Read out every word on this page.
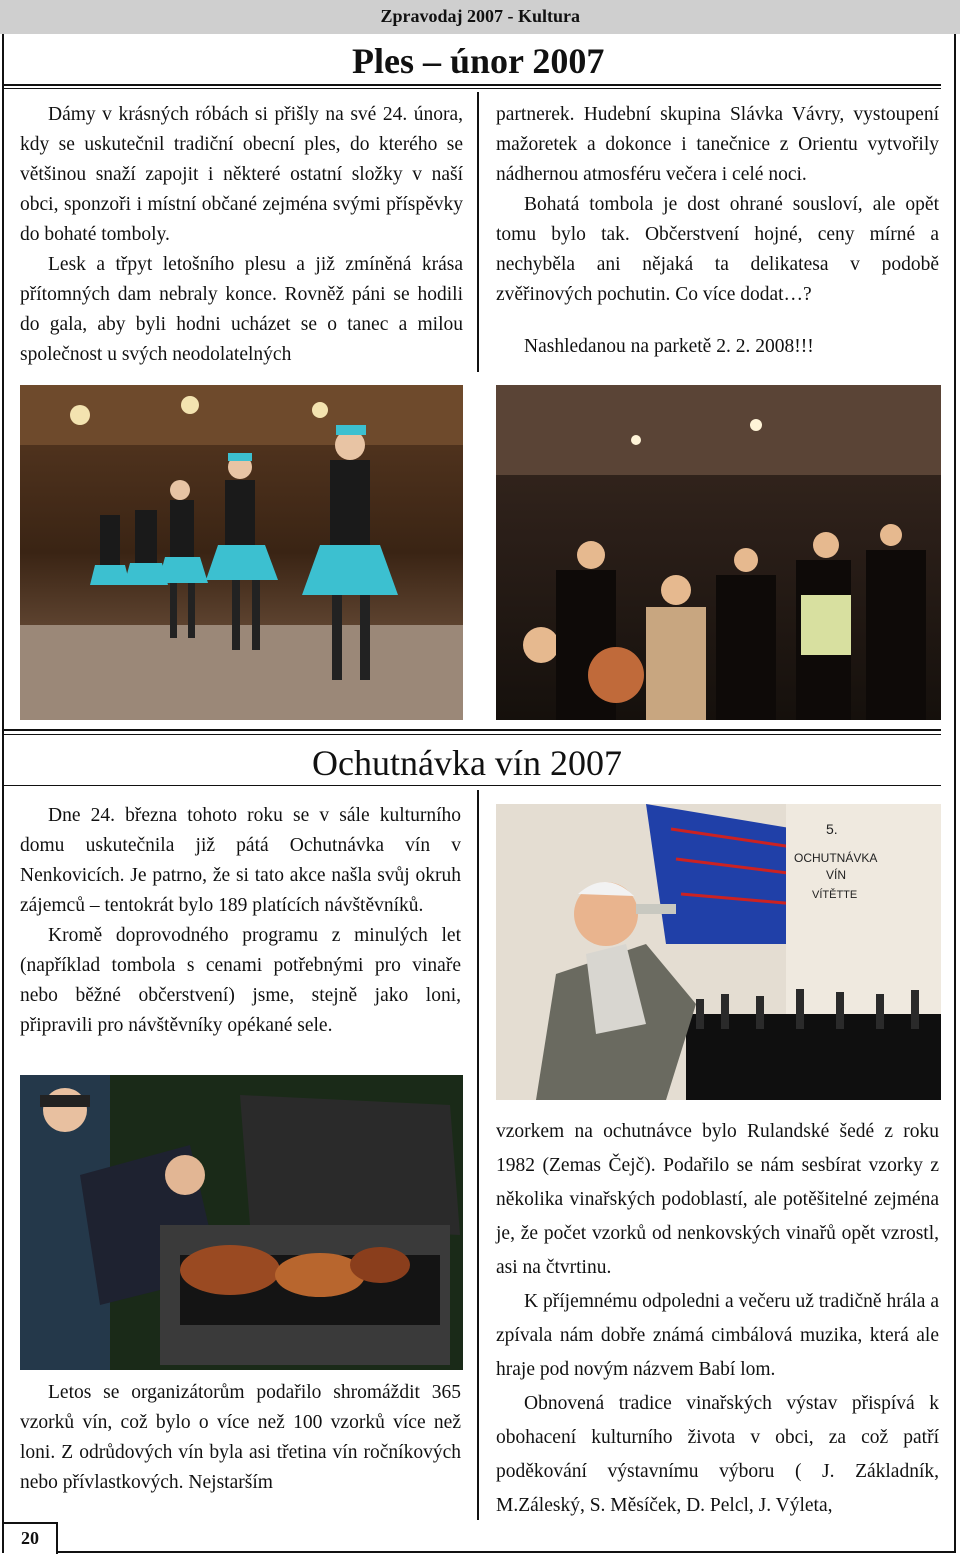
Zpravodaj 2007 - Kultura
Ples – únor 2007

Dámy v krásných róbách si přišly na své 24. února, kdy se uskutečnil tradiční obecní ples, do kterého se většinou snaží zapojit i některé ostatní složky v naší obci, sponzoři i místní občané zejména svými příspěvky do bohaté tomboly.

Lesk a třpyt letošního plesu a již zmíněná krása přítomných dam nebraly konce. Rovněž páni se hodili do gala, aby byli hodni ucházet se o tanec a milou společnost u svých neodolatelných

partnerek. Hudební skupina Slávka Vávry, vystoupení mažoretek a dokonce i tanečnice z Orientu vytvořily nádhernou atmosféru večera i celé noci.

Bohatá tombola je dost ohrané sousloví, ale opět tomu bylo tak. Občerstvení hojné, ceny mírné a nechyběla ani nějaká ta delikatesa v podobě zvěřinových pochutin. Co více dodat…?

Nashledanou na parketě 2. 2. 2008!!!

Ochutnávka vín 2007

Dne 24. března tohoto roku se v sále kulturního domu uskutečnila již pátá Ochutnávka vín v Nenkovicích. Je patrno, že si tato akce našla svůj okruh zájemců – tentokrát bylo 189 platících návštěvníků.

Kromě doprovodného programu z minulých let (například tombola s cenami potřebnými pro vinaře nebo běžné občerstvení) jsme, stejně jako loni, připravili pro návštěvníky opékané sele.

5.
OCHUTNÁVKA
VÍN
VÍTĚTTE

Letos se organizátorům podařilo shromáždit 365 vzorků vín, což bylo o více než 100 vzorků více než loni. Z odrůdových vín byla asi třetina vín ročníkových nebo přívlastkových. Nejstarším

vzorkem na ochutnávce bylo Rulandské šedé z roku 1982 (Zemas Čejč). Podařilo se nám sesbírat vzorky z několika vinařských podoblastí, ale potěšitelné zejména je, že počet vzorků od nenkovských vinařů opět vzrostl, asi na čtvrtinu.

K příjemnému odpoledni a večeru už tradičně hrála a zpívala nám dobře známá cimbálová muzika, která ale hraje pod novým názvem Babí lom.

Obnovená tradice vinařských výstav přispívá k obohacení kulturního života v obci, za což patří poděkování výstavnímu výboru ( J. Základník, M.Záleský, S. Měsíček, D. Pelcl, J. Výleta,

20
